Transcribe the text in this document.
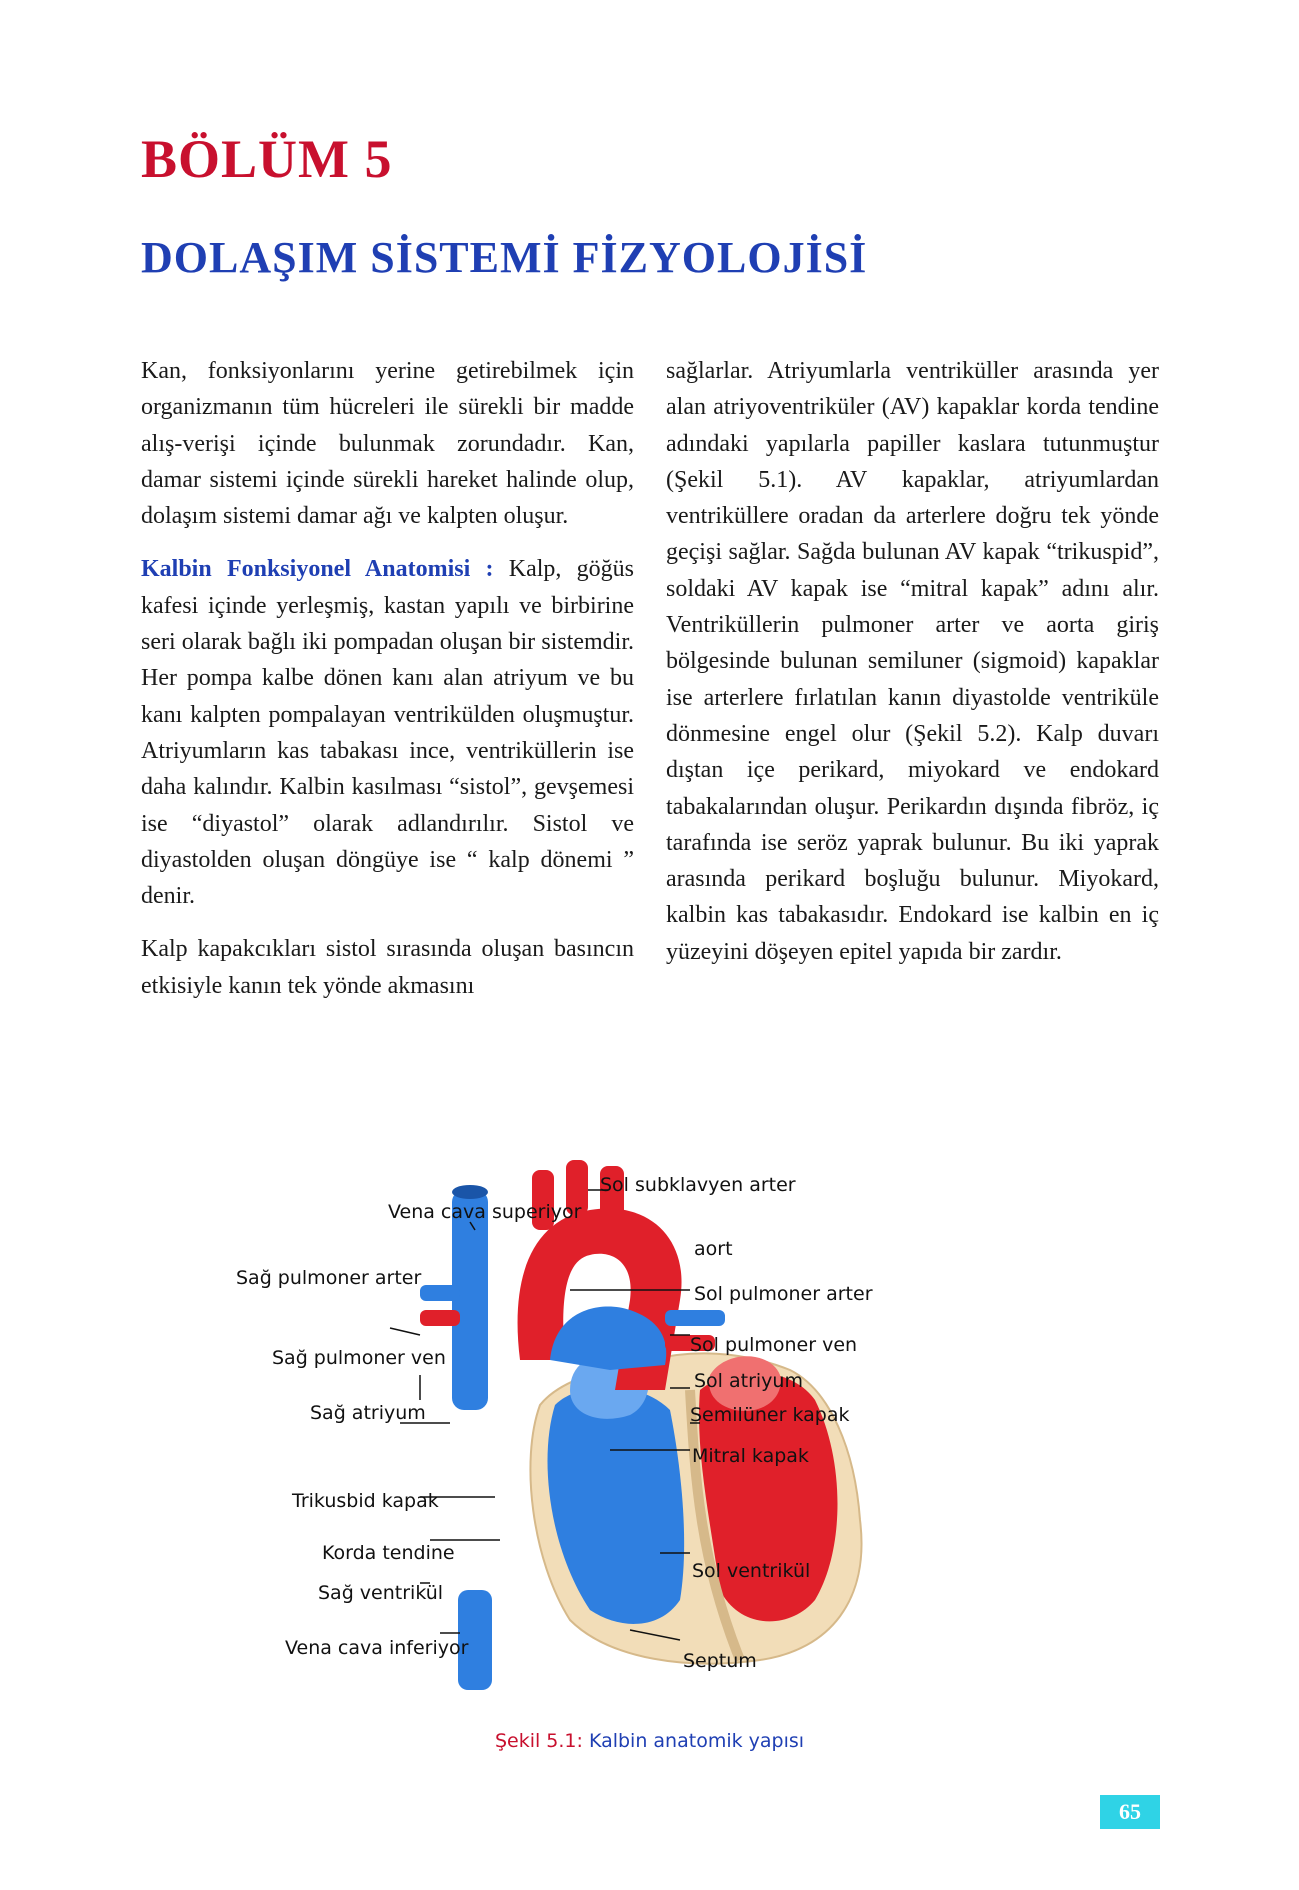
BÖLÜM 5
DOLAŞIM SİSTEMİ FİZYOLOJİSİ

Kan, fonksiyonlarını yerine getirebilmek için organizmanın tüm hücreleri ile sürekli bir madde alış-verişi içinde bulunmak zorundadır. Kan, damar sistemi içinde sürekli hareket halinde olup, dolaşım sistemi damar ağı ve kalpten oluşur.

Kalbin Fonksiyonel Anatomisi : Kalp, göğüs kafesi içinde yerleşmiş, kastan yapılı ve birbirine seri olarak bağlı iki pompadan oluşan bir sistemdir. Her pompa kalbe dönen kanı alan atriyum ve bu kanı kalpten pompalayan ventrikülden oluşmuştur. Atriyumların kas tabakası ince, ventriküllerin ise daha kalındır. Kalbin kasılması “sistol”, gevşemesi ise “diyastol” olarak adlandırılır. Sistol ve diyastolden oluşan döngüye ise “ kalp dönemi ” denir.

Kalp kapakcıkları sistol sırasında oluşan basıncın etkisiyle kanın tek yönde akmasını

sağlarlar. Atriyumlarla ventriküller arasında yer alan atriyoventriküler (AV) kapaklar korda tendine adındaki yapılarla papiller kaslara tutunmuştur (Şekil 5.1). AV kapaklar, atriyumlardan ventriküllere oradan da arterlere doğru tek yönde geçişi sağlar. Sağda bulunan AV kapak “trikuspid”, soldaki AV kapak ise “mitral kapak” adını alır. Ventriküllerin pulmoner arter ve aorta giriş bölgesinde bulunan semiluner (sigmoid) kapaklar ise arterlere fırlatılan kanın diyastolde ventriküle dönmesine engel olur (Şekil 5.2). Kalp duvarı dıştan içe perikard, miyokard ve endokard tabakalarından oluşur. Perikardın dışında fibröz, iç tarafında ise seröz yaprak bulunur. Bu iki yaprak arasında perikard boşluğu bulunur. Miyokard, kalbin kas tabakasıdır. Endokard ise kalbin en iç yüzeyini döşeyen epitel yapıda bir zardır.

Sol subklavyen arter
Vena cava superiyor
aort
Sağ pulmoner arter
Sol pulmoner arter
Sol pulmoner ven
Sağ pulmoner ven
Sol atriyum
Sağ atriyum	Semilüner kapak
Mitral kapak
Trikusbid kapak
Korda tendine
Sol ventrikül
Sağ ventrikül
Vena cava inferiyor
Septum
Şekil 5.1: Kalbin anatomik yapısı
65
